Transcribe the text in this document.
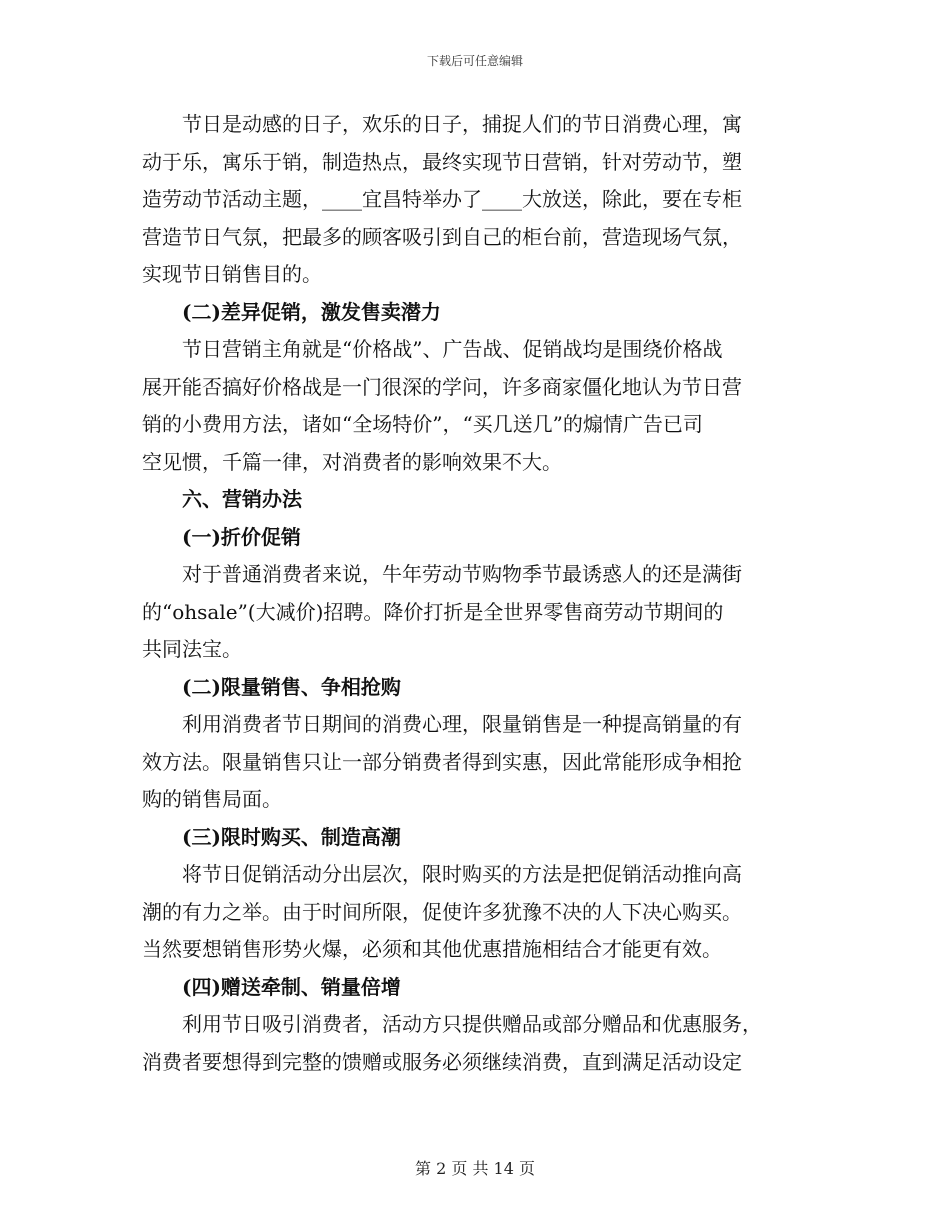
下载后可任意编辑
节日是动感的日子，欢乐的日子，捕捉人们的节日消费心理，寓
动于乐，寓乐于销，制造热点，最终实现节日营销，针对劳动节，塑
造劳动节活动主题，____宜昌特举办了____大放送，除此，要在专柜
营造节日气氛，把最多的顾客吸引到自己的柜台前，营造现场气氛，
实现节日销售目的。
(二)差异促销，激发售卖潜力
节日营销主角就是“价格战”、广告战、促销战均是围绕价格战
展开能否搞好价格战是一门很深的学问，许多商家僵化地认为节日营
销的小费用方法，诸如“全场特价”，“买几送几”的煽情广告已司
空见惯，千篇一律，对消费者的影响效果不大。
六、营销办法
(一)折价促销
对于普通消费者来说，牛年劳动节购物季节最诱惑人的还是满街
的“ohsale”(大减价)招聘。降价打折是全世界零售商劳动节期间的
共同法宝。
(二)限量销售、争相抢购
利用消费者节日期间的消费心理，限量销售是一种提高销量的有
效方法。限量销售只让一部分销费者得到实惠，因此常能形成争相抢
购的销售局面。
(三)限时购买、制造高潮
将节日促销活动分出层次，限时购买的方法是把促销活动推向高
潮的有力之举。由于时间所限，促使许多犹豫不决的人下决心购买。
当然要想销售形势火爆，必须和其他优惠措施相结合才能更有效。
(四)赠送牵制、销量倍增
利用节日吸引消费者，活动方只提供赠品或部分赠品和优惠服务，
消费者要想得到完整的馈赠或服务必须继续消费，直到满足活动设定
第 2 页 共 14 页
